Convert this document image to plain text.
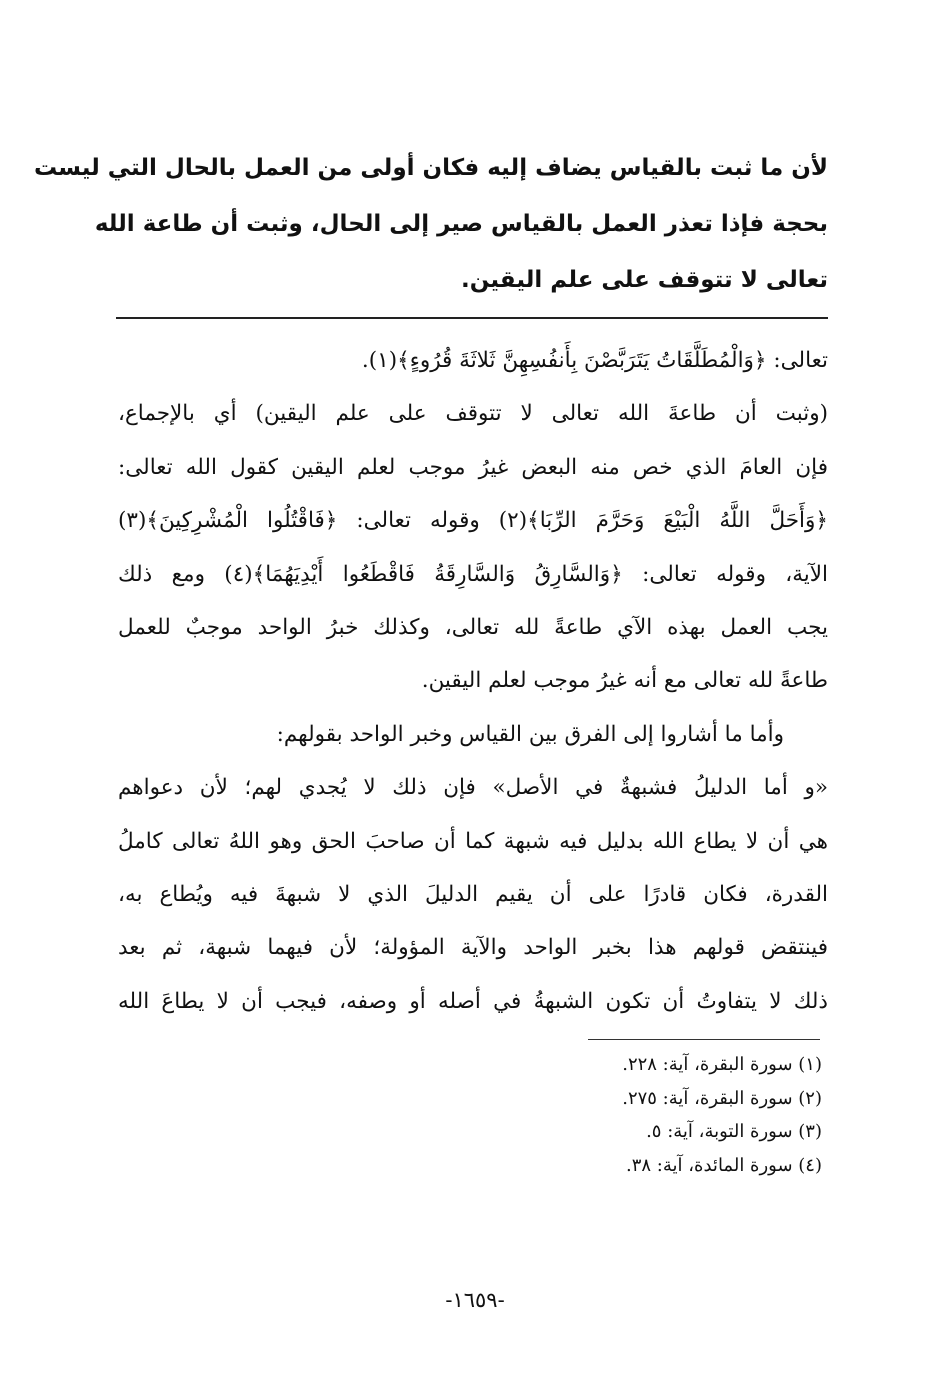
لأن ما ثبت بالقياس يضاف إليه فكان أولى من العمل بالحال التي ليست
بحجة فإذا تعذر العمل بالقياس صير إلى الحال، وثبت أن طاعة الله
تعالى لا تتوقف على علم اليقين.
تعالى: ﴿وَالْمُطَلَّقَاتُ يَتَرَبَّصْنَ بِأَنفُسِهِنَّ ثَلاثَةَ قُرُوءٍ﴾(١).
(وثبت أن طاعةَ الله تعالى لا تتوقف على علم اليقين) أي بالإجماع،
فإن العامَ الذي خص منه البعض غيرُ موجب لعلم اليقين كقول الله تعالى:
﴿وَأَحَلَّ اللَّهُ الْبَيْعَ وَحَرَّمَ الرِّبَا﴾(٢) وقوله تعالى: ﴿فَاقْتُلُوا الْمُشْرِكِينَ﴾(٣)
الآية، وقوله تعالى: ﴿وَالسَّارِقُ وَالسَّارِقَةُ فَاقْطَعُوا أَيْدِيَهُمَا﴾(٤) ومع ذلك
يجب العمل بهذه الآي طاعةً لله تعالى، وكذلك خبرُ الواحد موجبٌ للعمل
طاعةً لله تعالى مع أنه غيرُ موجب لعلم اليقين.
وأما ما أشاروا إلى الفرق بين القياس وخبر الواحد بقولهم:
«و أما الدليلُ فشبهةٌ في الأصل» فإن ذلك لا يُجدي لهم؛ لأن دعواهم
هي أن لا يطاع الله بدليل فيه شبهة كما أن صاحبَ الحق وهو اللهُ تعالى كاملُ
القدرة، فكان قادرًا على أن يقيم الدليلَ الذي لا شبهةَ فيه ويُطاع به،
فينتقض قولهم هذا بخبر الواحد والآية المؤولة؛ لأن فيهما شبهة، ثم بعد
ذلك لا يتفاوتُ أن تكون الشبهةُ في أصله أو وصفه، فيجب أن لا يطاعَ الله
(١) سورة البقرة، آية: ٢٢٨.
(٢) سورة البقرة، آية: ٢٧٥.
(٣) سورة التوبة، آية: ٥.
(٤) سورة المائدة، آية: ٣٨.
-١٦٥٩-
